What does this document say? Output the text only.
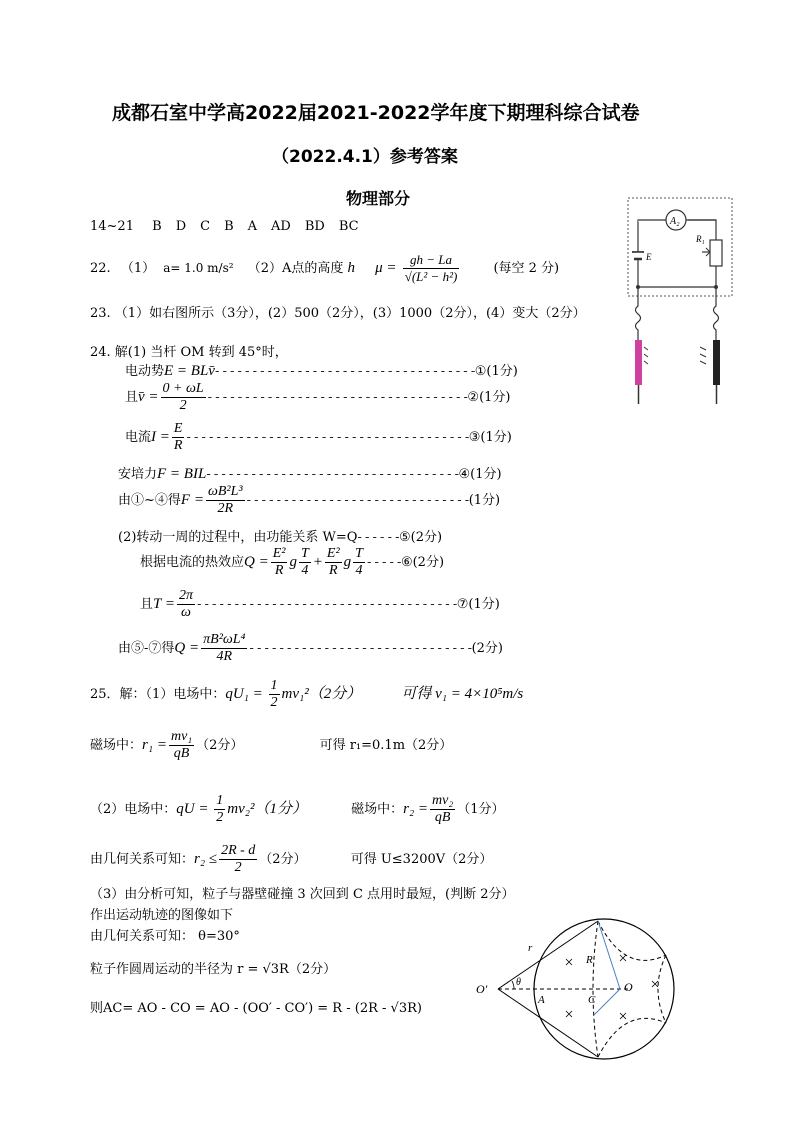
成都石室中学高2022届2021-2022学年度下期理科综合试卷
（2022.4.1）参考答案
物理部分
14~21 B D C B A AD BD BC
22. （1） a= 1.0 m/s² （2）A点的高度 h $\mu = \frac{gh - La}{\text{√(L² − h²)}}$	(每空 2 分)
23. （1）如右图所示（3分），(2）500（2分），(3）1000（2分），(4）变大（2分）
24. 解(1) 当杆 OM 转到 45°时，
电动势E = BLv̄- - - - - - - - - - - - - - - - - - - - - - - - - - - - - - - - - - -①(1分)
且v̄ = $\frac{0 + \omega L}{2}$ - - - - - - - - - - - - - - - - - - - - - - - - - - - - - - - - - - -②(1分)
电流$I = \frac{E}{R}$ - - - - - - - - - - - - - - - - - - - - - - - - - - - - - - - - - - - - - -③(1分)
安培力F = BIL- - - - - - - - - - - - - - - - - - - - - - - - - - - - - - - - - -④(1分)
由①~④得$F = \frac{\text{ωB²L³}}{2R}$ - - - - - - - - - - - - - - - - - - - - - - - - - - - - - -(1分)
(2)转动一周的过程中，由功能关系 W=Q- - - - - -⑤(2分)
根据电流的热效应$Q = \frac{\text{E²}}{R}$ g $\frac{T}{4} + \frac{\text{E²}}{R}$ g $\frac{T}{4}$ - - - - -⑥(2分)
且$T = \frac{2\pi}{\omega}$ - - - - - - - - - - - - - - - - - - - - - - - - - - - - - - - - - - -⑦(1分)
由⑤-⑦得$Q = \frac{\text{πB²ωL⁴}}{4R}$ - - - - - - - - - - - - - - - - - - - - - - - - - - - - - -(2分)
25．解：（1）电场中：$qU_1 = \frac{1}{2} mv_1^2(2$分）	可得 v₁ = 4×10⁵m/s
磁场中：$r_1 = \frac{\text{mv₁}}{qB} (2$分）	可得 r₁=0.1m（2分）
（2）电场中：qU = $\frac{1}{2} mv_2^2(1$分）	磁场中：$r_2 = \frac{\text{mv₂}}{qB} (1$分）
由几何关系可知：$r_2 \le \frac{2R - d}{2} (2$分）	可得 U≤3200V（2分）
（3）由分析可知，粒子与器壁碰撞 3 次回到 C 点用时最短，(判断 2分）
作出运动轨迹的图像如下
由几何关系可知： θ=30°
粒子作圆周运动的半径为 r = √3R（2分）
则AC= AO - CO = AO - (OO′ - CO′) = R - (2R - √3R)
A₂
E
R₁
r
R
O′	θ
A	C
O
